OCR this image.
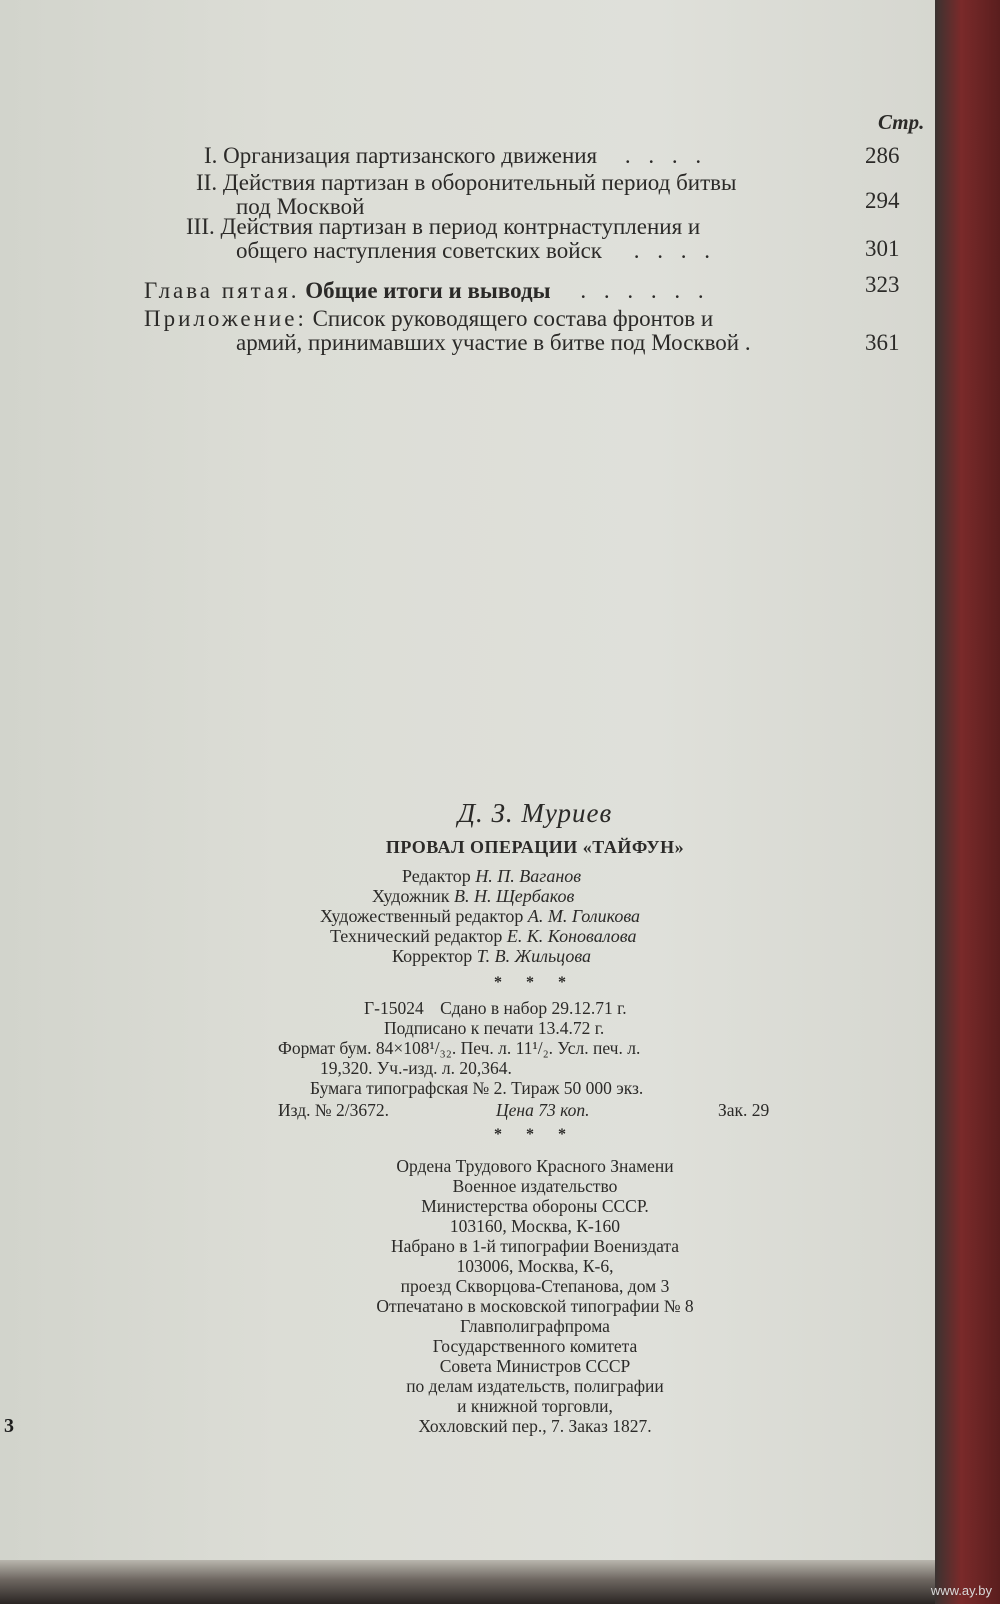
Стр.
I. Организация партизанского движения . . . .	286
II. Действия партизан в оборонительный период битвы
под Москвой	294
III. Действия партизан в период контрнаступления и
общего наступления советских войск . . . .	301
Глава пятая. Общие итоги и выводы . . . . . .	323
Приложение: Список руководящего состава фронтов и
армий, принимавших участие в битве под Москвой .	361
Д. З. Муриев
ПРОВАЛ ОПЕРАЦИИ «ТАЙФУН»
Редактор Н. П. Ваганов
Художник В. Н. Щербаков
Художественный редактор А. М. Голикова
Технический редактор Е. К. Коновалова
Корректор Т. В. Жильцова
* * *
Г-15024 Сдано в набор 29.12.71 г.
Подписано к печати 13.4.72 г.
Формат бум. 84×108¹/₃₂. Печ. л. 11¹/₂. Усл. печ. л.
19,320. Уч.-изд. л. 20,364.
Бумага типографская № 2. Тираж 50 000 экз.
Изд. № 2/3672.	Цена 73 коп.	Зак. 29
* * *
Ордена Трудового Красного Знамени
Военное издательство
Министерства обороны СССР.
103160, Москва, К-160
Набрано в 1-й типографии Воениздата
103006, Москва, К-6,
проезд Скворцова-Степанова, дом 3
Отпечатано в московской типографии № 8
Главполиграфпрома
Государственного комитета
Совета Министров СССР
по делам издательств, полиграфии
и книжной торговли,
Хохловский пер., 7. Заказ 1827.
3
www.ay.by
